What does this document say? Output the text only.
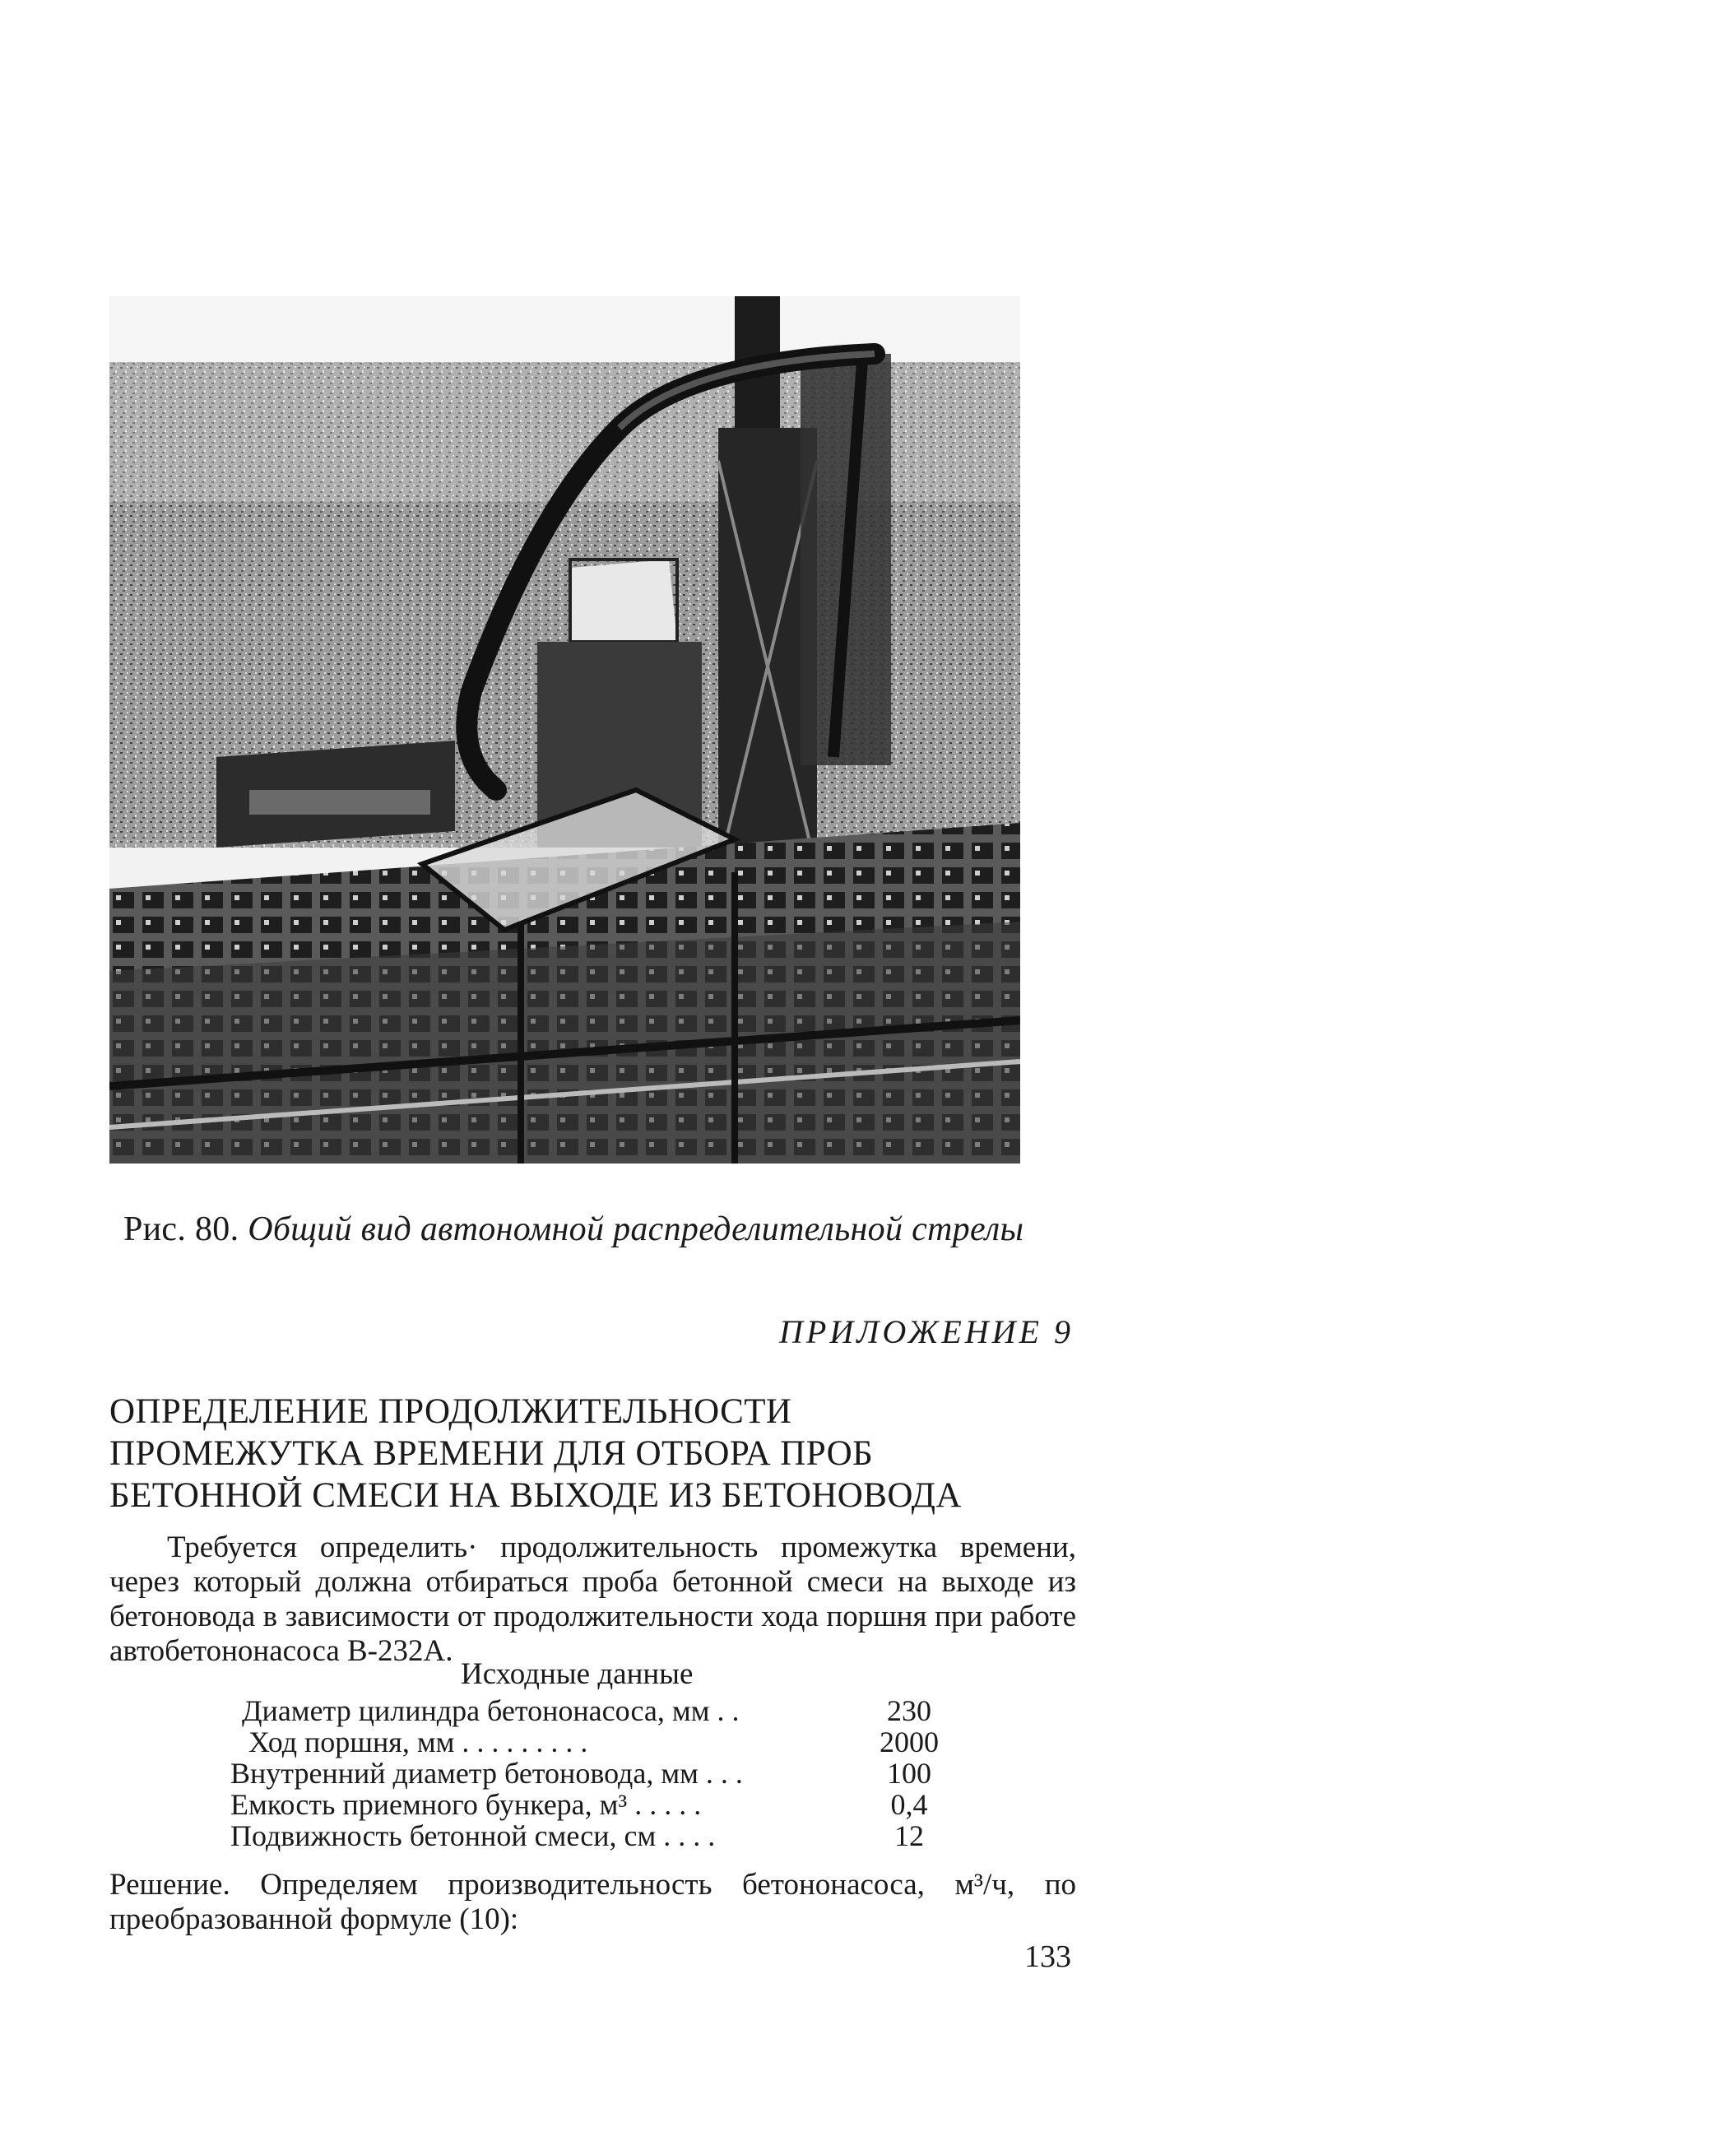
Рис. 80. Общий вид автономной распределительной стрелы
ПРИЛОЖЕНИЕ 9
ОПРЕДЕЛЕНИЕ ПРОДОЛЖИТЕЛЬНОСТИ
ПРОМЕЖУТКА ВРЕМЕНИ ДЛЯ ОТБОРА ПРОБ
БЕТОННОЙ СМЕСИ НА ВЫХОДЕ ИЗ БЕТОНОВОДА
Требуется определить· продолжительность промежутка времени, через который должна отбираться проба бетонной смеси на выходе из бетоновода в зависимости от продолжительности хода поршня при работе автобетононасоса В-232А.
Исходные данные
Диаметр цилиндра бетононасоса, мм . .	230
Ход поршня, мм . . . . . . . . .	2000
Внутренний диаметр бетоновода, мм . . .	100
Емкость приемного бункера, м³ . . . . .	0,4
Подвижность бетонной смеси, см . . . .	12
Решение. Определяем производительность бетононасоса, м³/ч, по преобразованной формуле (10):
133
